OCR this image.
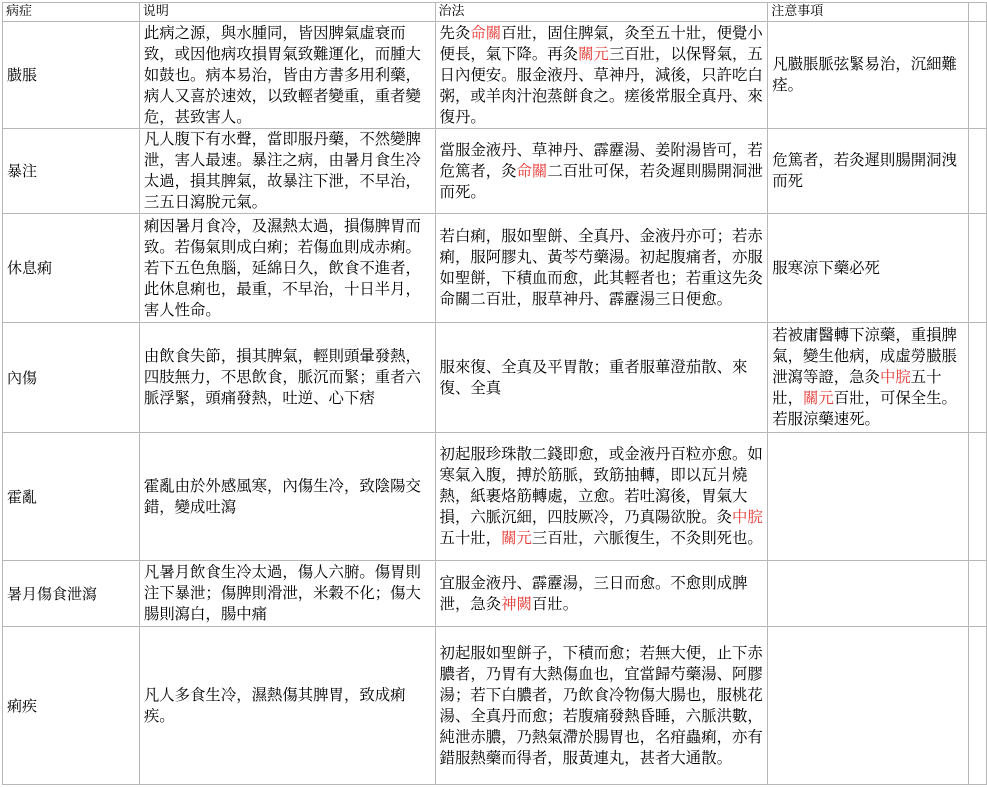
病症	说明	治法	注意事項	
臌脹	此病之源，與水腫同，皆因脾氣虛衰而致，或因他病攻損胃氣致難運化，而腫大如鼓也。病本易治，皆由方書多用利藥，病人又喜於速效，以致輕者變重，重者變危，甚致害人。	先灸命關百壯，固住脾氣，灸至五十壯，便覺小便長，氣下降。再灸關元三百壯，以保腎氣，五日內便安。服金液丹、草神丹，減後，只許吃白粥，或羊肉汁泡蒸餅食之。瘥後常服全真丹、來復丹。	凡臌脹脈弦緊易治，沉細難痊。	
暴注	凡人腹下有水聲，當即服丹藥，不然變脾泄，害人最速。暴注之病，由暑月食生冷太過，損其脾氣，故暴注下泄，不早治，三五日瀉脫元氣。	當服金液丹、草神丹、霹靂湯、姜附湯皆可，若危篤者，灸命關二百壯可保，若灸遲則腸開洞泄而死。	危篤者，若灸遲則腸開洞洩而死	
休息痢	痢因暑月食冷，及濕熱太過，損傷脾胃而致。若傷氣則成白痢；若傷血則成赤痢。若下五色魚腦，延綿日久，飲食不進者，此休息痢也，最重，不早治，十日半月，害人性命。	若白痢，服如聖餅、全真丹、金液丹亦可；若赤痢，服阿膠丸、黃芩芍藥湯。初起腹痛者，亦服如聖餅，下積血而愈，此其輕者也；若重这先灸命關二百壯，服草神丹、霹靂湯三日便愈。	服寒涼下藥必死	
內傷	由飲食失節，損其脾氣，輕則頭暈發熱，四肢無力，不思飲食，脈沉而緊；重者六脈浮緊，頭痛發熱，吐逆、心下痞	服來復、全真及平胃散；重者服蓽澄茄散、來復、全真	若被庸醫轉下涼藥，重損脾氣，變生他病，成虛勞臌脹泄瀉等證，急灸中脘五十壯，關元百壯，可保全生。若服涼藥速死。	
霍亂	霍亂由於外感風寒，內傷生冷，致陰陽交錯，變成吐瀉	初起服珍珠散二錢即愈，或金液丹百粒亦愈。如寒氣入腹，搏於筋脈，致筋抽轉，即以瓦爿燒熱，紙裹烙筋轉處，立愈。若吐瀉後，胃氣大損，六脈沉細，四肢厥冷，乃真陽欲脫。灸中脘五十壯，關元三百壯，六脈復生，不灸則死也。		
暑月傷食泄瀉	凡暑月飲食生冷太過，傷人六腑。傷胃則注下暴泄；傷脾則滑泄，米穀不化；傷大腸則瀉白，腸中痛	宜服金液丹、霹靂湯，三日而愈。不愈則成脾泄，急灸神闕百壯。		
痢疾	凡人多食生冷，濕熱傷其脾胃，致成痢疾。	初起服如聖餅子，下積而愈；若無大便，止下赤膿者，乃胃有大熱傷血也，宜當歸芍藥湯、阿膠湯；若下白膿者，乃飲食冷物傷大腸也，服桃花湯、全真丹而愈；若腹痛發熱昏睡，六脈洪數，純泄赤膿，乃熱氣滯於腸胃也，名疳蟲痢，亦有錯服熱藥而得者，服黃連丸，甚者大通散。		
